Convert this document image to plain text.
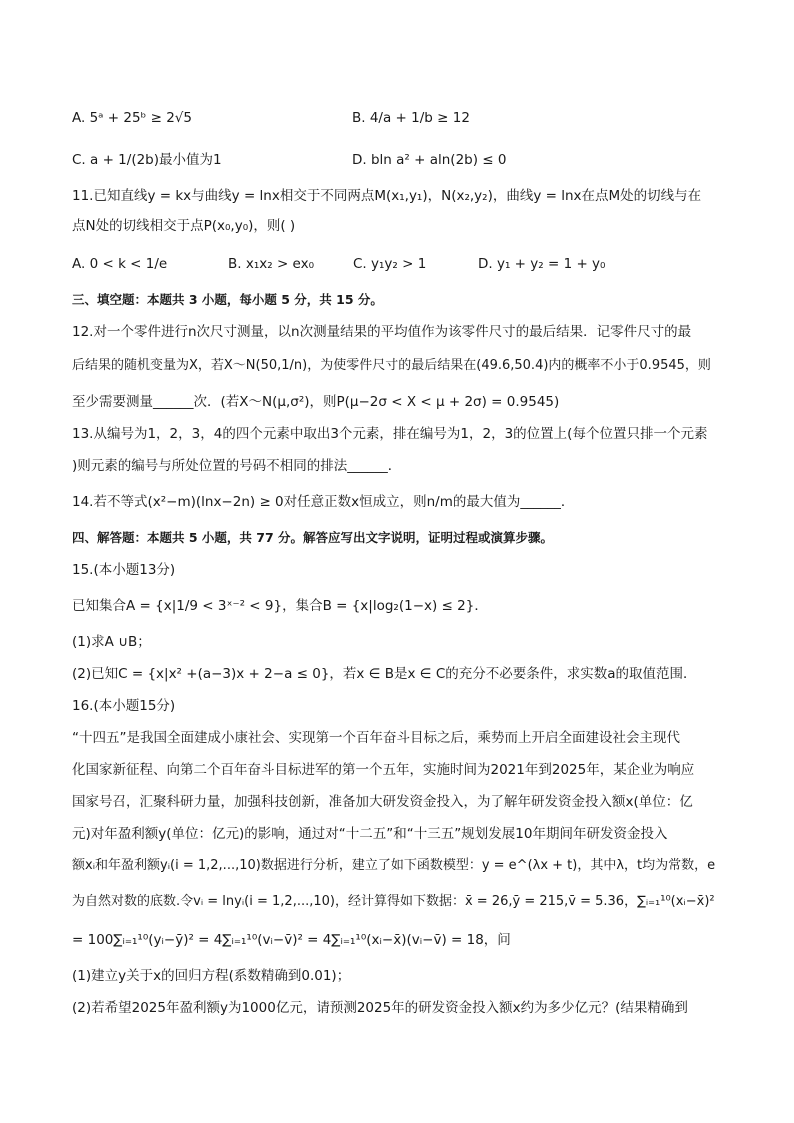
A. 5ᵃ + 25ᵇ ≥ 2√5	B. 4/a + 1/b ≥ 12
C. a + 1/(2b)最小值为1	D. bln a² + aln(2b) ≤ 0
11.已知直线y = kx与曲线y = lnx相交于不同两点M(x₁,y₁)，N(x₂,y₂)，曲线y = lnx在点M处的切线与在
点N处的切线相交于点P(x₀,y₀)，则( )
A. 0 < k < 1/e	B. x₁x₂ > ex₀	C. y₁y₂ > 1	D. y₁ + y₂ = 1 + y₀
三、填空题：本题共 3 小题，每小题 5 分，共 15 分。
12.对一个零件进行n次尺寸测量，以n次测量结果的平均值作为该零件尺寸的最后结果．记零件尺寸的最
后结果的随机变量为X，若X～N(50,1/n)，为使零件尺寸的最后结果在(49.6,50.4)内的概率不小于0.9545，则
至少需要测量______次．(若X～N(μ,σ²)，则P(μ−2σ < X < μ + 2σ) = 0.9545)
13.从编号为1，2，3，4的四个元素中取出3个元素，排在编号为1，2，3的位置上(每个位置只排一个元素
)则元素的编号与所处位置的号码不相同的排法______．
14.若不等式(x²−m)(lnx−2n) ≥ 0对任意正数x恒成立，则n/m的最大值为______．
四、解答题：本题共 5 小题，共 77 分。解答应写出文字说明，证明过程或演算步骤。
15.(本小题13分)
已知集合A = {x|1/9 < 3ˣ⁻² < 9}，集合B = {x|log₂(1−x) ≤ 2}．
(1)求A ∪B；
(2)已知C = {x|x² +(a−3)x + 2−a ≤ 0}，若x ∈ B是x ∈ C的充分不必要条件，求实数a的取值范围．
16.(本小题15分)
“十四五”是我国全面建成小康社会、实现第一个百年奋斗目标之后，乘势而上开启全面建设社会主现代
化国家新征程、向第二个百年奋斗目标进军的第一个五年，实施时间为2021年到2025年，某企业为响应
国家号召，汇聚科研力量，加强科技创新，准备加大研发资金投入，为了解年研发资金投入额x(单位：亿
元)对年盈利额y(单位：亿元)的影响，通过对“十二五”和“十三五”规划发展10年期间年研发资金投入
额xᵢ和年盈利额yᵢ(i = 1,2,...,10)数据进行分析，建立了如下函数模型：y = e^(λx + t)，其中λ，t均为常数，e
为自然对数的底数.令vᵢ = lnyᵢ(i = 1,2,...,10)，经计算得如下数据：x̄ = 26,ȳ = 215,v̄ = 5.36，∑ᵢ₌₁¹⁰(xᵢ−x̄)²
= 100∑ᵢ₌₁¹⁰(yᵢ−ȳ)² = 4∑ᵢ₌₁¹⁰(vᵢ−v̄)² = 4∑ᵢ₌₁¹⁰(xᵢ−x̄)(vᵢ−v̄) = 18，问
(1)建立y关于x的回归方程(系数精确到0.01)；
(2)若希望2025年盈利额y为1000亿元，请预测2025年的研发资金投入额x约为多少亿元？(结果精确到
